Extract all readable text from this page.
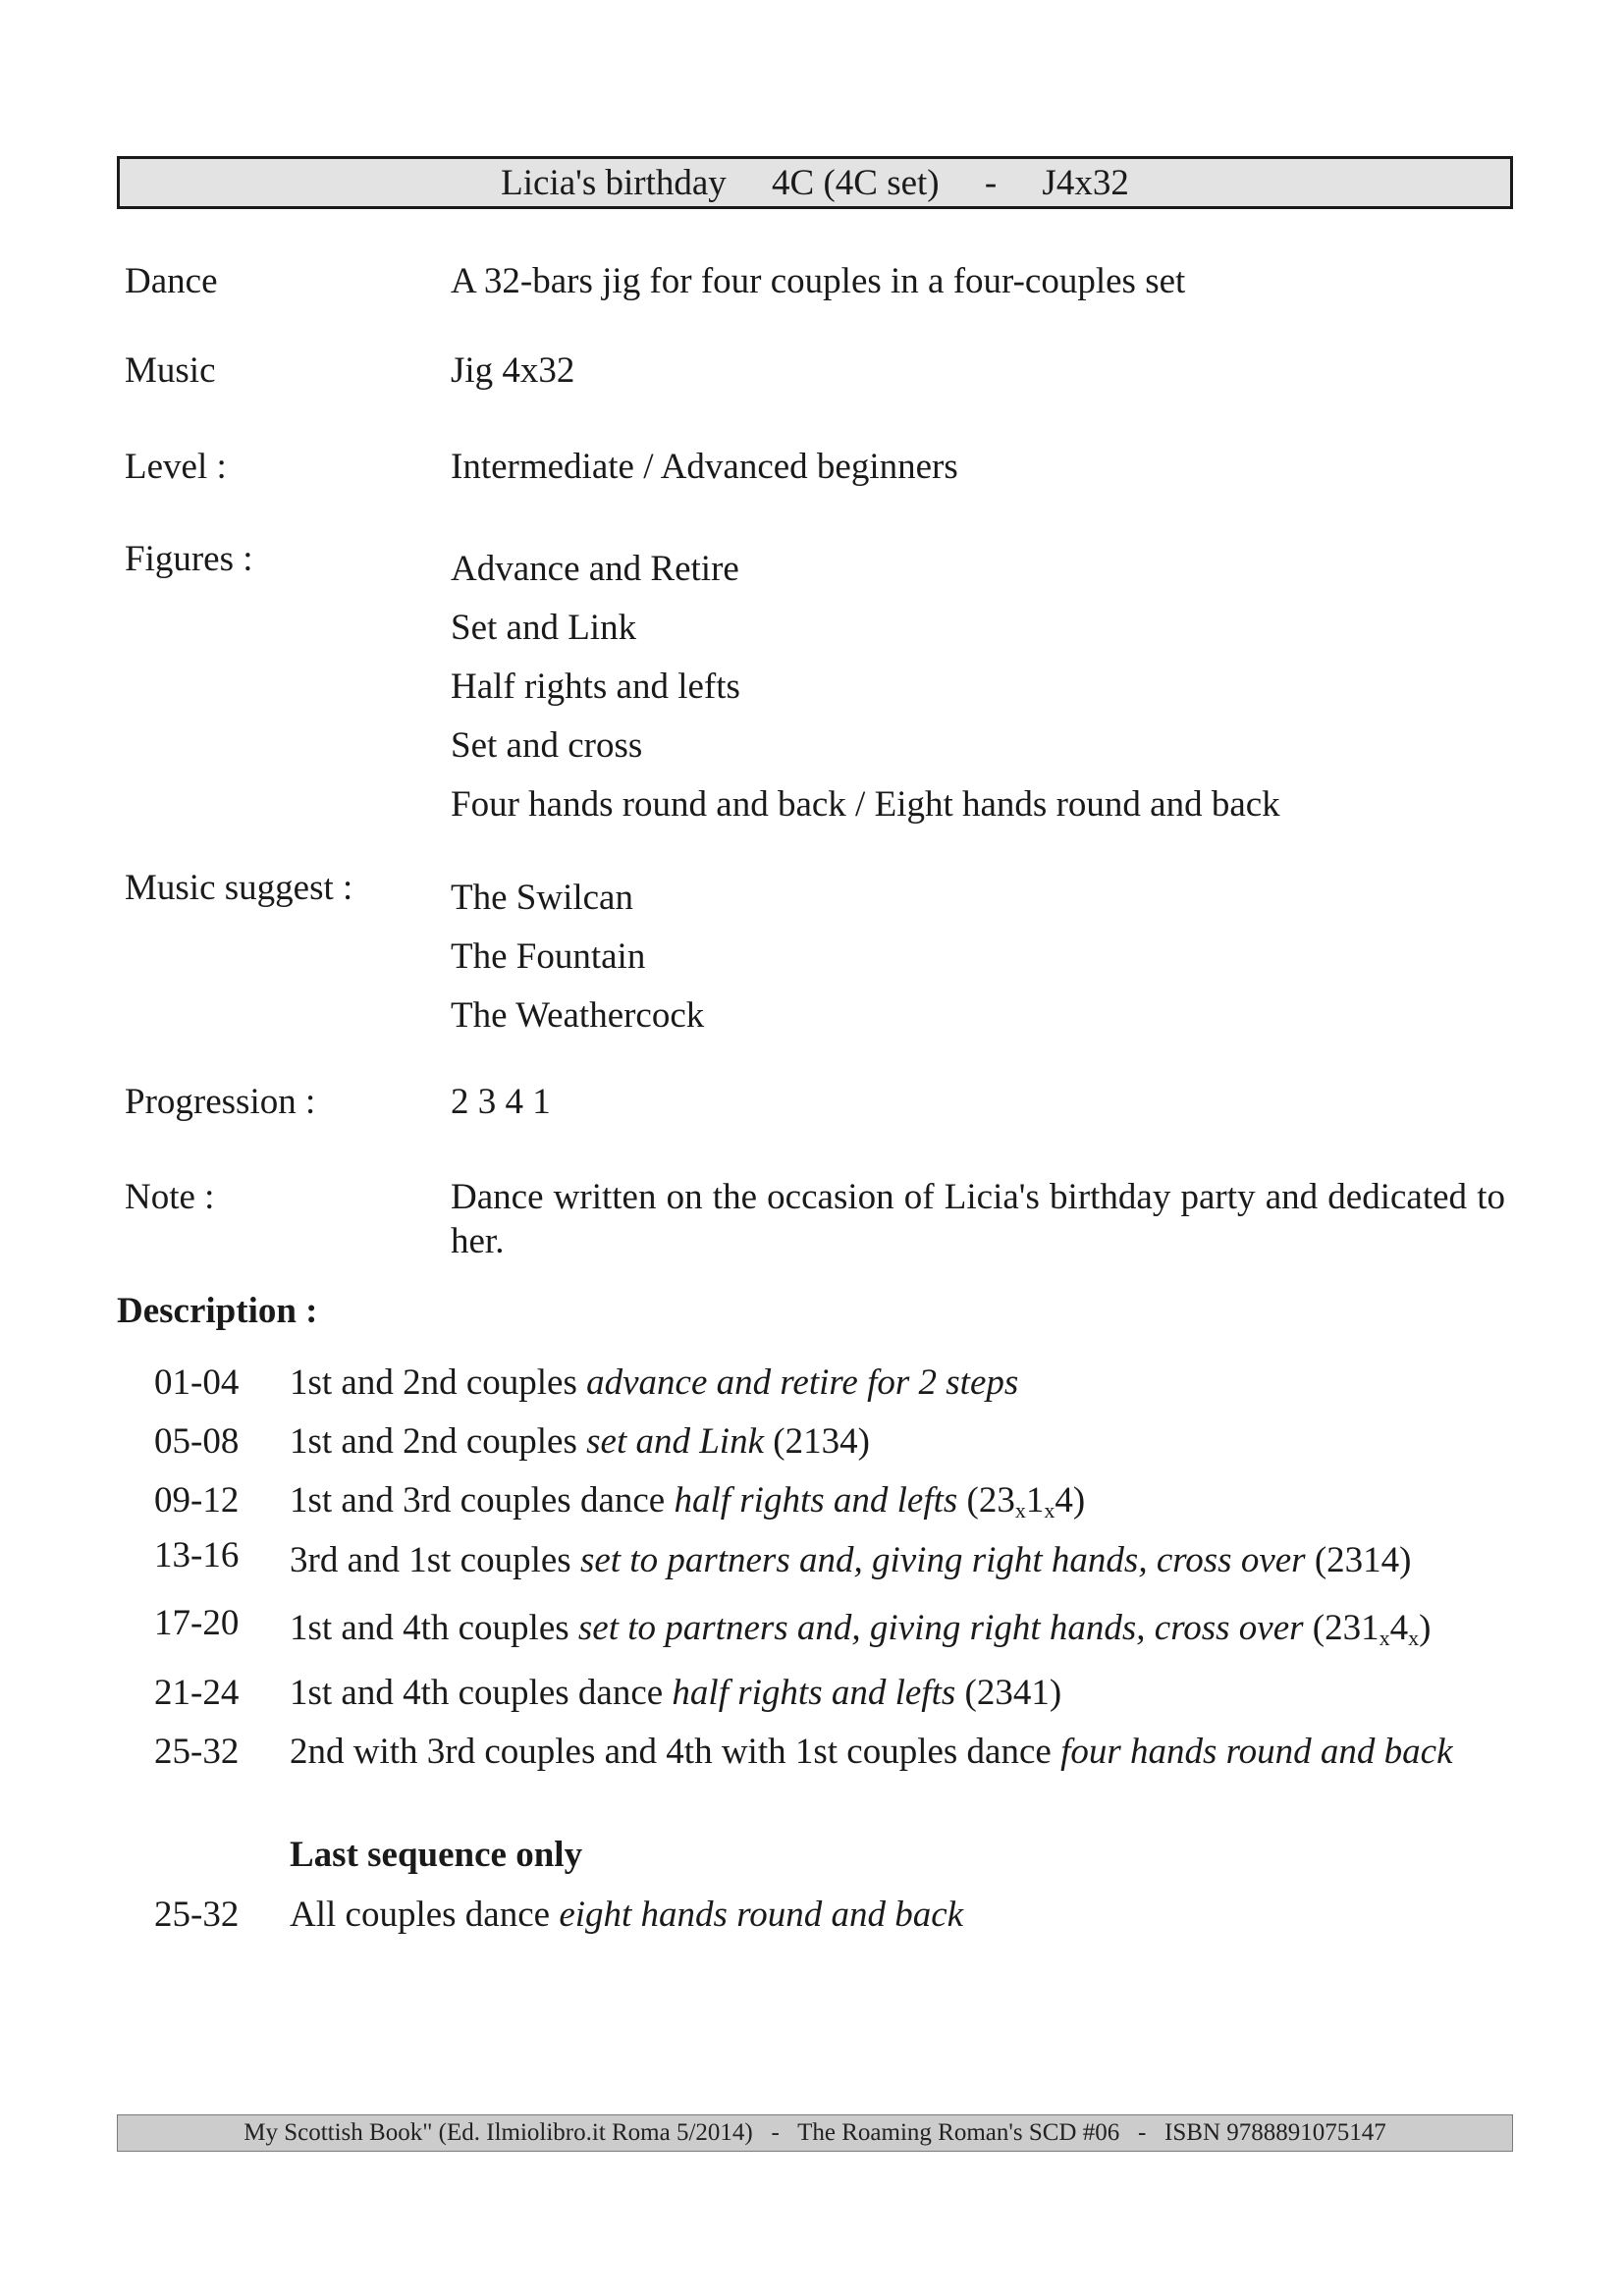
Licia's birthday     4C (4C set)     -     J4x32
Dance	A 32-bars jig for four couples in a four-couples set
Music	Jig 4x32
Level :	Intermediate / Advanced beginners
Figures :	Advance and Retire
Set and Link
Half rights and lefts
Set and cross
Four hands round and back / Eight hands round and back
Music suggest :	The Swilcan
The Fountain
The Weathercock
Progression :	2 3 4 1
Note :	Dance written on the occasion of Licia's birthday party and dedicated to her.
Description :
01-04 1st and 2nd couples advance and retire for 2 steps
05-08 1st and 2nd couples set and Link (2134)
09-12 1st and 3rd couples dance half rights and lefts $(23_x1_x4)$
13-16 3rd and 1st couples set to partners and, giving right hands, cross over (2314)
17-20 1st and 4th couples set to partners and, giving right hands, cross over $(231_x4_x)$
21-24 1st and 4th couples dance half rights and lefts (2341)
25-32 2nd with 3rd couples and 4th with 1st couples dance four hands round and back
Last sequence only
25-32 All couples dance eight hands round and back
My Scottish Book" (Ed. Ilmiolibro.it Roma 5/2014)   -   The Roaming Roman's SCD #06   -   ISBN 9788891075147
